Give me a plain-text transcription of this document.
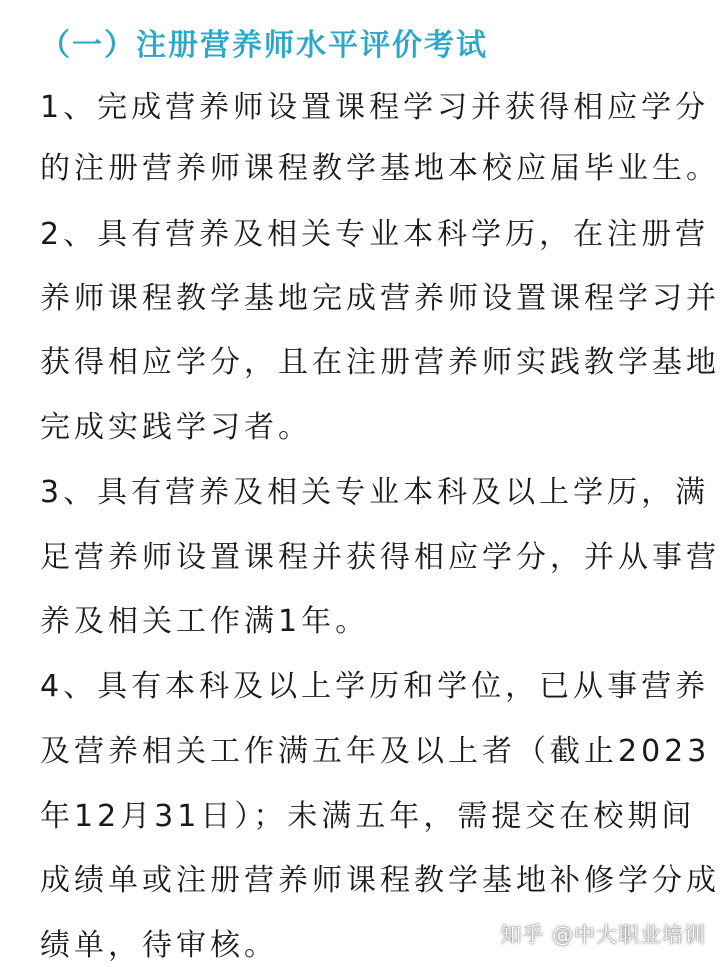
（一）注册营养师水平评价考试
1、完成营养师设置课程学习并获得相应学分
的注册营养师课程教学基地本校应届毕业生。
2、具有营养及相关专业本科学历，在注册营
养师课程教学基地完成营养师设置课程学习并
获得相应学分，且在注册营养师实践教学基地
完成实践学习者。
3、具有营养及相关专业本科及以上学历，满
足营养师设置课程并获得相应学分，并从事营
养及相关工作满1年。
4、具有本科及以上学历和学位，已从事营养
及营养相关工作满五年及以上者（截止2023
年12月31日）；未满五年，需提交在校期间
成绩单或注册营养师课程教学基地补修学分成
绩单，待审核。	知乎 @中大职业培训
